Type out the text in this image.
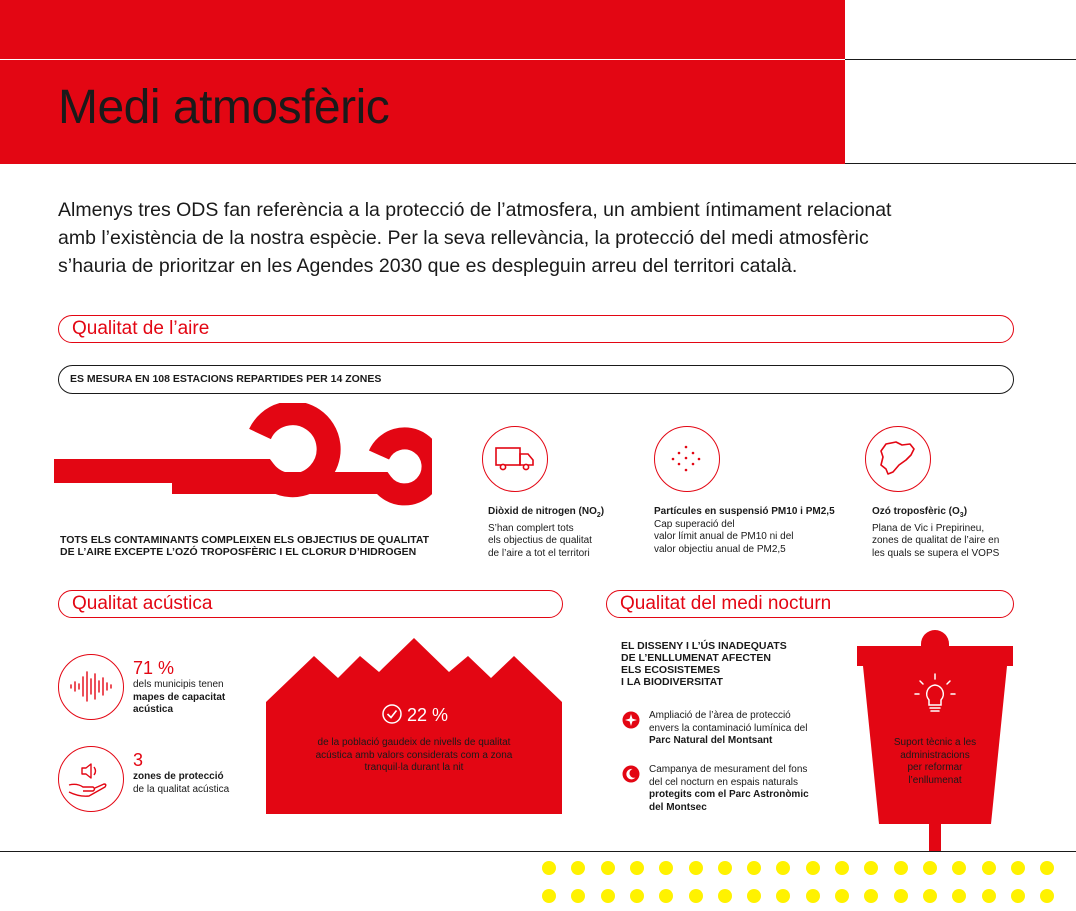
Medi atmosfèric

Almenys tres ODS fan referència a la protecció de l’atmosfera, un ambient íntimament relacionat amb l’existència de la nostra espècie. Per la seva rellevància, la protecció del medi atmosfèric s’hauria de prioritzar en les Agendes 2030 que es despleguin arreu del territori català.

Qualitat de l’aire
ES MESURA EN 108 ESTACIONS REPARTIDES PER 14 ZONES
TOTS ELS CONTAMINANTS COMPLEIXEN ELS OBJECTIUS DE QUALITAT
DE L’AIRE EXCEPTE L’OZÓ TROPOSFÈRIC I EL CLORUR D’HIDROGEN
Diòxid de nitrogen $(NO_2)$
S’han complert tots
els objectius de qualitat
de l’aire a tot el territori
Partícules en suspensió PM10 i PM2,5
Cap superació del
valor límit anual de PM10 ni del
valor objectiu anual de PM2,5
Ozó troposfèric $(O_3)$
Plana de Vic i Prepirineu,
zones de qualitat de l’aire en
les quals se supera el VOPS
Qualitat acústica
71 %
dels municipis tenen
mapes de capacitat
acústica
3
zones de protecció
de la qualitat acústica
22 %
de la població gaudeix de nivells de qualitat
acústica amb valors considerats com a zona
tranquil·la durant la nit
Qualitat del medi nocturn
EL DISSENY I L’ÚS INADEQUATS
DE L’ENLLUMENAT AFECTEN
ELS ECOSISTEMES
I LA BIODIVERSITAT
Ampliació de l’àrea de protecció
envers la contaminació lumínica del
Parc Natural del Montsant
Campanya de mesurament del fons
del cel nocturn en espais naturals
protegits com el Parc Astronòmic
del Montsec
Suport tècnic a les
administracions
per reformar
l’enllumenat
